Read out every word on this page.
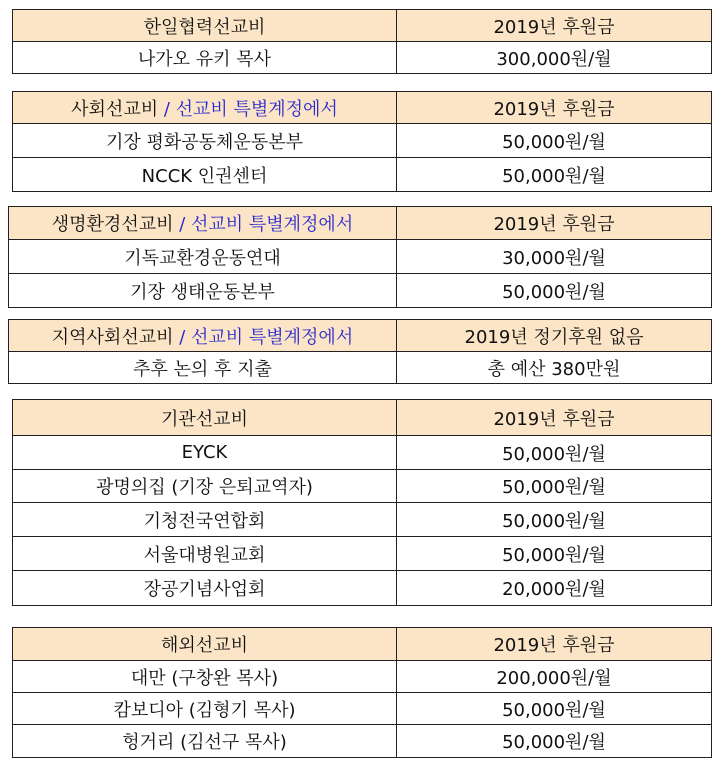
한일협력선교비	2019년 후원금
나가오 유키 목사	300,000원/월
사회선교비 / 선교비 특별계정에서	2019년 후원금
기장 평화공동체운동본부	50,000원/월
NCCK 인권센터	50,000원/월
생명환경선교비 / 선교비 특별계정에서	2019년 후원금
기독교환경운동연대	30,000원/월
기장 생태운동본부	50,000원/월
지역사회선교비 / 선교비 특별계정에서	2019년 정기후원 없음
추후 논의 후 지출	총 예산 380만원
기관선교비	2019년 후원금
EYCK	50,000원/월
광명의집 (기장 은퇴교역자)	50,000원/월
기청전국연합회	50,000원/월
서울대병원교회	50,000원/월
장공기념사업회	20,000원/월
해외선교비	2019년 후원금
대만 (구창완 목사)	200,000원/월
캄보디아 (김형기 목사)	50,000원/월
헝거리 (김선구 목사)	50,000원/월
